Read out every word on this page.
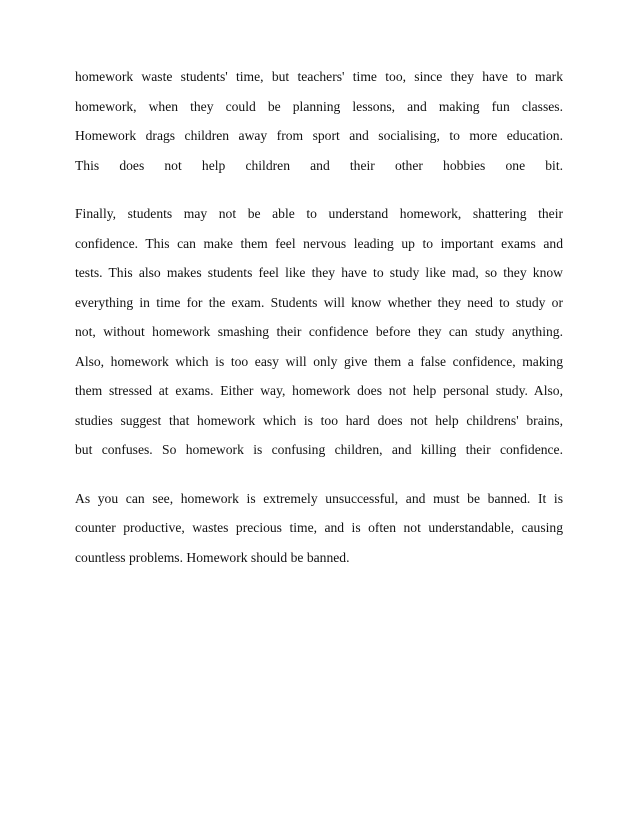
homework waste students' time, but teachers' time too, since they have to mark
homework, when they could be planning lessons, and making fun classes.
Homework drags children away from sport and socialising, to more education.
This does not help children and their other hobbies one bit.
Finally, students may not be able to understand homework, shattering their
confidence. This can make them feel nervous leading up to important exams and
tests. This also makes students feel like they have to study like mad, so they know
everything in time for the exam. Students will know whether they need to study or
not, without homework smashing their confidence before they can study anything.
Also, homework which is too easy will only give them a false confidence, making
them stressed at exams. Either way, homework does not help personal study. Also,
studies suggest that homework which is too hard does not help childrens' brains,
but confuses. So homework is confusing children, and killing their confidence.
As you can see, homework is extremely unsuccessful, and must be banned. It is
counter productive, wastes precious time, and is often not understandable, causing
countless problems. Homework should be banned.
